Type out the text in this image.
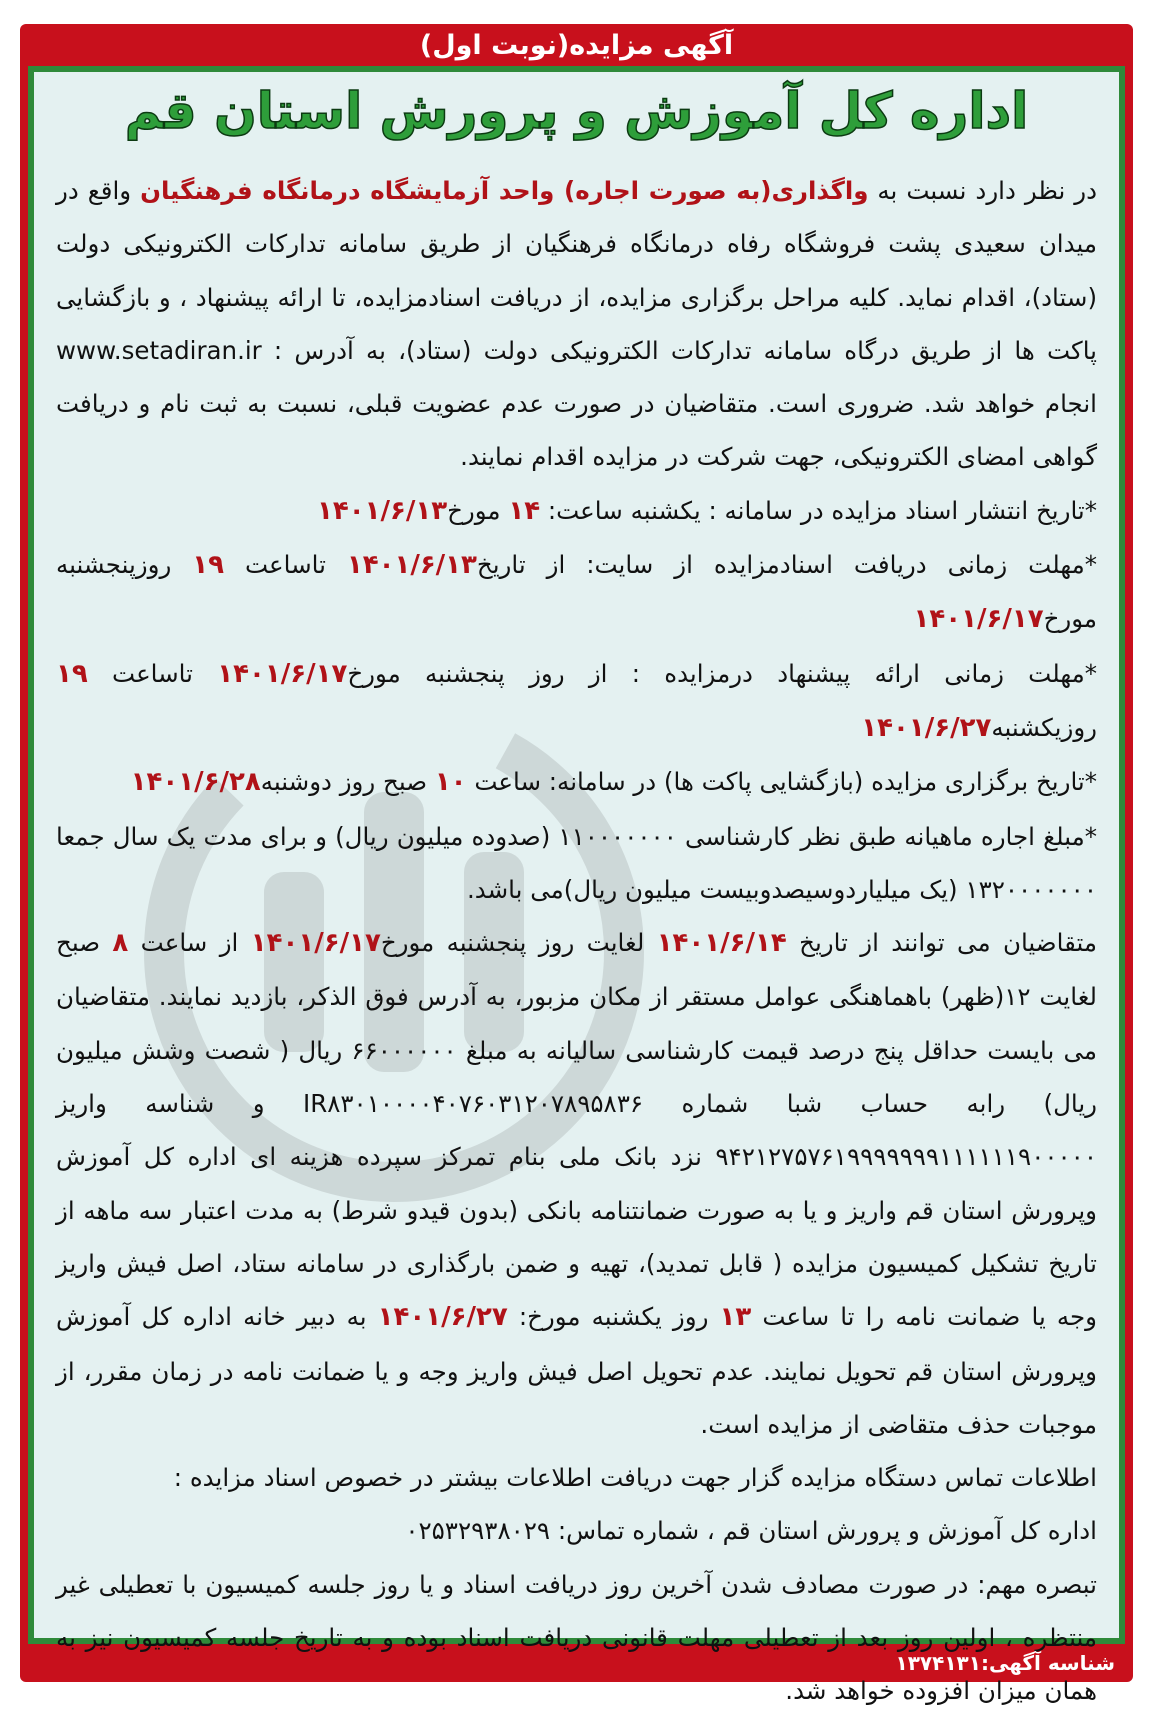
آگهی مزایده(نوبت اول)
اداره کل آموزش و پرورش استان قم

در نظر دارد نسبت به واگذاری(به صورت اجاره) واحد آزمایشگاه درمانگاه فرهنگیان واقع در میدان سعیدی پشت فروشگاه رفاه درمانگاه فرهنگیان از طریق سامانه تدارکات الکترونیکی دولت (ستاد)، اقدام نماید. کلیه مراحل برگزاری مزایده، از دریافت اسنادمزایده، تا ارائه پیشنهاد ، و بازگشایی پاکت ها از طریق درگاه سامانه تدارکات الکترونیکی دولت (ستاد)، به آدرس : www.setadiran.ir انجام خواهد شد. ضروری است. متقاضیان در صورت عدم عضویت قبلی، نسبت به ثبت نام و دریافت گواهی امضای الکترونیکی، جهت شرکت در مزایده اقدام نمایند.

*تاریخ انتشار اسناد مزایده در سامانه : یکشنبه ساعت: ۱۴ مورخ۱۴۰۱/۶/۱۳

*مهلت زمانی دریافت اسنادمزایده از سایت: از تاریخ۱۴۰۱/۶/۱۳ تاساعت ۱۹ روزپنجشنبه مورخ۱۴۰۱/۶/۱۷

*مهلت زمانی ارائه پیشنهاد درمزایده : از روز پنجشنبه مورخ۱۴۰۱/۶/۱۷ تاساعت ۱۹ روزیکشنبه۱۴۰۱/۶/۲۷

*تاریخ برگزاری مزایده (بازگشایی پاکت ها) در سامانه: ساعت ۱۰ صبح روز دوشنبه۱۴۰۱/۶/۲۸

*مبلغ اجاره ماهیانه طبق نظر کارشناسی ۱۱۰۰۰۰۰۰۰ (صدوده میلیون ریال) و برای مدت یک سال جمعا ۱۳۲۰۰۰۰۰۰۰ (یک میلیاردوسیصدوبیست میلیون ریال)می باشد.

متقاضیان می توانند از تاریخ ۱۴۰۱/۶/۱۴ لغایت روز پنجشنبه مورخ۱۴۰۱/۶/۱۷ از ساعت ۸ صبح لغایت ۱۲(ظهر) باهماهنگی عوامل مستقر از مکان مزبور، به آدرس فوق الذکر، بازدید نمایند. متقاضیان می بایست حداقل پنج درصد قیمت کارشناسی سالیانه به مبلغ ۶۶۰۰۰۰۰۰ ریال ( شصت وشش میلیون ریال) رابه حساب شبا شماره IR۸۳۰۱۰۰۰۰۴۰۷۶۰۳۱۲۰۷۸۹۵۸۳۶ و شناسه واریز ۹۴۲۱۲۷۵۷۶۱۹۹۹۹۹۹۹۱۱۱۱۱۱۹۰۰۰۰۰ نزد بانک ملی بنام تمرکز سپرده هزینه ای اداره کل آموزش وپرورش استان قم واریز و یا به صورت ضمانتنامه بانکی (بدون قیدو شرط) به مدت اعتبار سه ماهه از تاریخ تشکیل کمیسیون مزایده ( قابل تمدید)، تهیه و ضمن بارگذاری در سامانه ستاد، اصل فیش واریز وجه یا ضمانت نامه را تا ساعت ۱۳ روز یکشنبه مورخ: ۱۴۰۱/۶/۲۷ به دبیر خانه اداره کل آموزش وپرورش استان قم تحویل نمایند. عدم تحویل اصل فیش واریز وجه و یا ضمانت نامه در زمان مقرر، از موجبات حذف متقاضی از مزایده است.

اطلاعات تماس دستگاه مزایده گزار جهت دریافت اطلاعات بیشتر در خصوص اسناد مزایده :

اداره کل آموزش و پرورش استان قم ، شماره تماس: ۰۲۵۳۲۹۳۸۰۲۹

تبصره مهم: در صورت مصادف شدن آخرین روز دریافت اسناد و یا روز جلسه کمیسیون با تعطیلی غیر منتظره ، اولین روز بعد از تعطیلی مهلت قانونی دریافت اسناد بوده و به تاریخ جلسه کمیسیون نیز به همان میزان افزوده خواهد شد.

شناسه آگهی:
۱۳۷۴۱۳۱
